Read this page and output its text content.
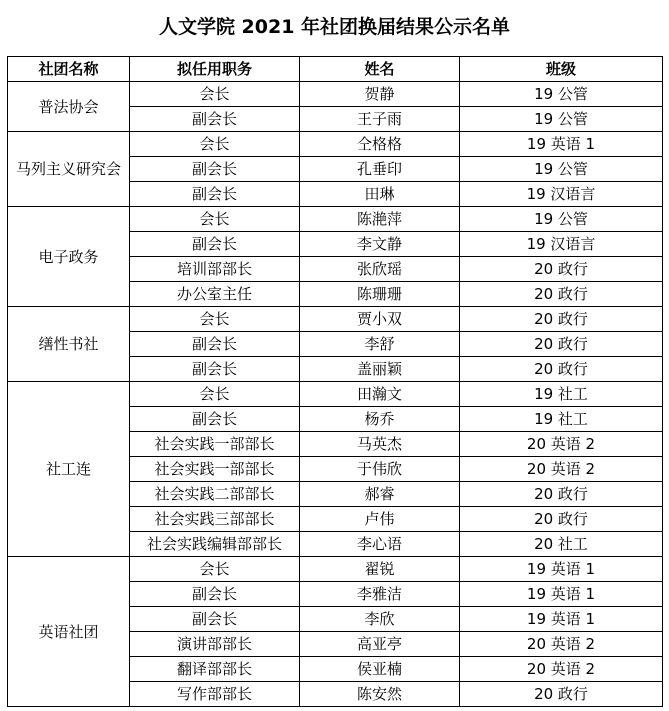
人文学院 2021 年社团换届结果公示名单
社团名称	拟任用职务	姓名	班级
普法协会	会长	贺静	19 公管
	副会长	王子雨	19 公管
马列主义研究会	会长	仝格格	19 英语 1
	副会长	孔垂印	19 公管
	副会长	田琳	19 汉语言
电子政务	会长	陈滟萍	19 公管
	副会长	李文静	19 汉语言
	培训部部长	张欣瑶	20 政行
	办公室主任	陈珊珊	20 政行
缮性书社	会长	贾小双	20 政行
	副会长	李舒	20 政行
	副会长	盖丽颖	20 政行
社工连	会长	田瀚文	19 社工
	副会长	杨乔	19 社工
	社会实践一部部长	马英杰	20 英语 2
	社会实践一部部长	于伟欣	20 英语 2
	社会实践二部部长	郝睿	20 政行
	社会实践三部部长	卢伟	20 政行
	社会实践编辑部部长	李心语	20 社工
英语社团	会长	翟锐	19 英语 1
	副会长	李雅洁	19 英语 1
	副会长	李欣	19 英语 1
	演讲部部长	高亚亭	20 英语 2
	翻译部部长	侯亚楠	20 英语 2
	写作部部长	陈安然	20 政行
